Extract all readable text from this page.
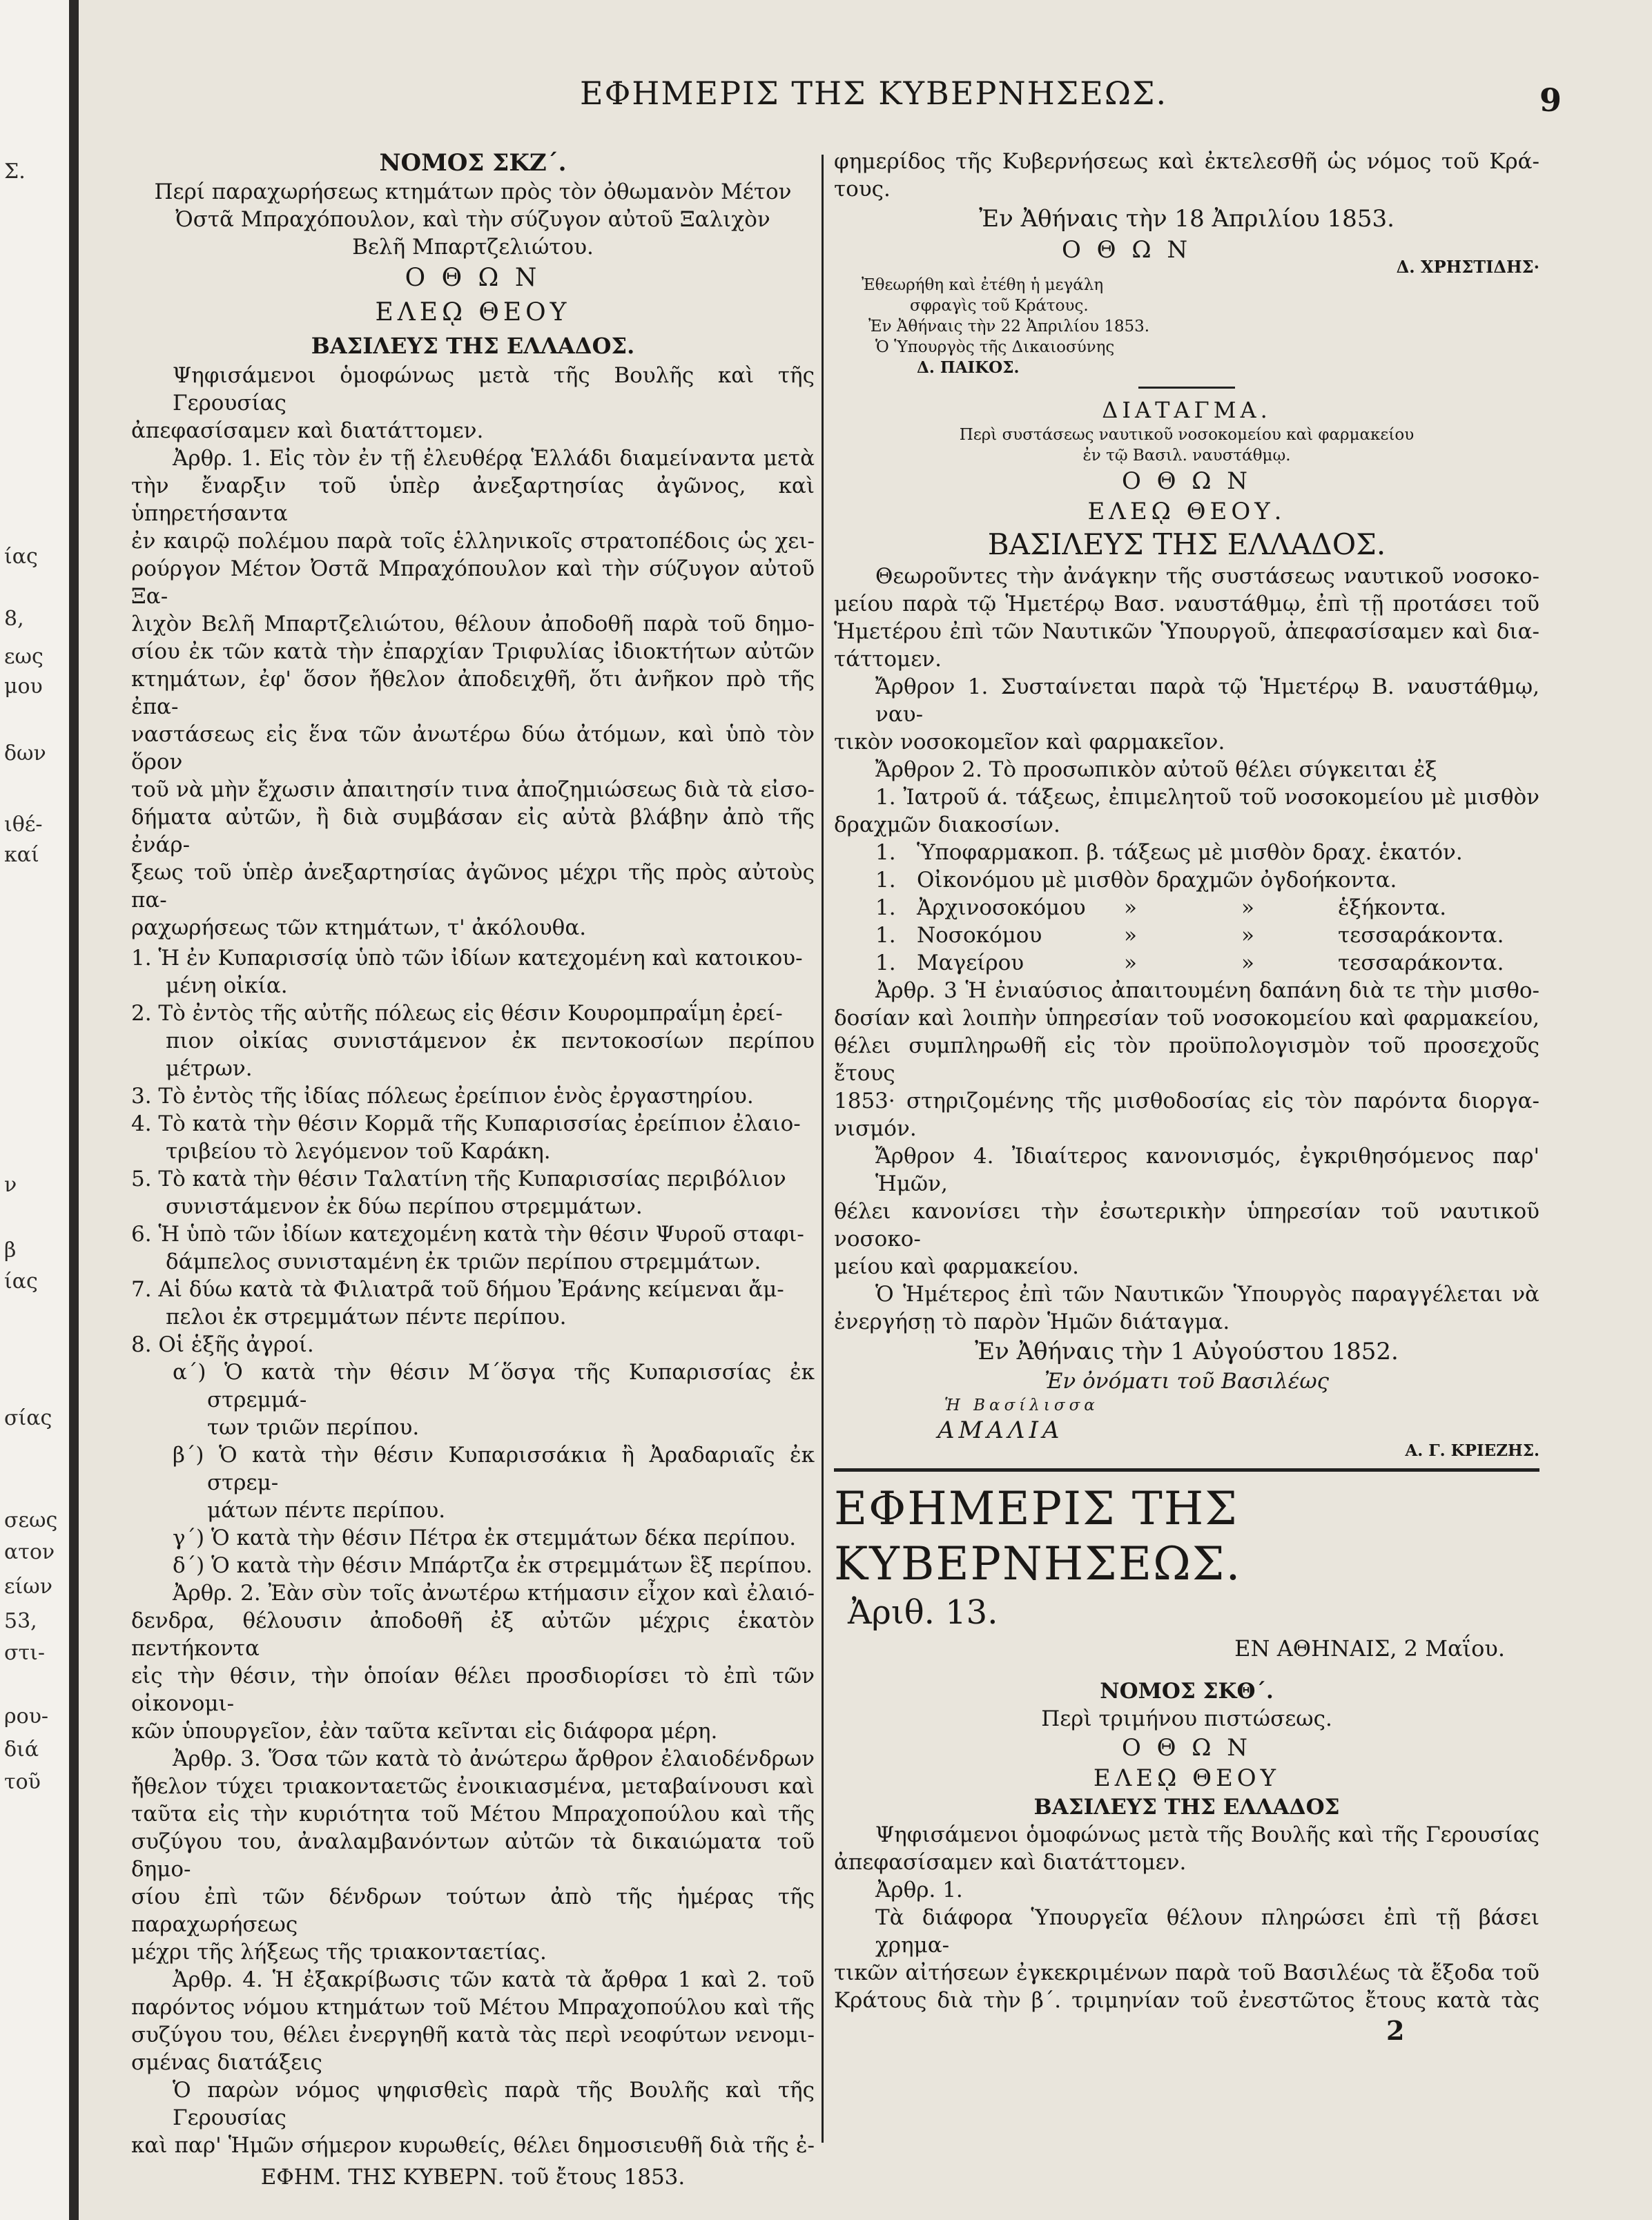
Σ.
ίας
8,
εως
μου
δων
ιθέ-
καί
ν
β
ίας
σίας
σεως
ατον
είων
53,
στι-
ρου-
διά
τοῦ
ΕΦΗΜΕΡΙΣ ΤΗΣ ΚΥΒΕΡΝΗΣΕΩΣ.	9

ΝΟΜΟΣ ΣΚΖ΄.

Περί παραχωρήσεως κτημάτων πρὸς τὸν ὀθωμανὸν Μέτον

Ὀστᾶ Μπραχόπουλον, καὶ τὴν σύζυγον αὐτοῦ Ξαλιχὸν

Βελῆ Μπαρτζελιώτου.

Ο Θ Ω Ν

ΕΛΕῼ ΘΕΟΥ

ΒΑΣΙΛΕΥΣ ΤΗΣ ΕΛΛΑΔΟΣ.

Ψηφισάμενοι ὁμοφώνως μετὰ τῆς Βουλῆς καὶ τῆς Γερουσίας

ἀπεφασίσαμεν καὶ διατάττομεν.

Ἀρθρ. 1. Εἰς τὸν ἐν τῇ ἐλευθέρᾳ Ἑλλάδι διαμείναντα μετὰ

τὴν ἔναρξιν τοῦ ὑπὲρ ἀνεξαρτησίας ἀγῶνος, καὶ ὑπηρετήσαντα

ἐν καιρῷ πολέμου παρὰ τοῖς ἑλληνικοῖς στρατοπέδοις ὡς χει-

ρούργον Μέτον Ὀστᾶ Μπραχόπουλον καὶ τὴν σύζυγον αὐτοῦ Ξα-

λιχὸν Βελῆ Μπαρτζελιώτου, θέλουν ἀποδοθῆ παρὰ τοῦ δημο-

σίου ἐκ τῶν κατὰ τὴν ἐπαρχίαν Τριφυλίας ἰδιοκτήτων αὐτῶν

κτημάτων, ἐφ' ὅσον ἤθελον ἀποδειχθῆ, ὅτι ἀνῆκον πρὸ τῆς ἐπα-

ναστάσεως εἰς ἕνα τῶν ἀνωτέρω δύω ἀτόμων, καὶ ὑπὸ τὸν ὅρον

τοῦ νὰ μὴν ἔχωσιν ἀπαιτησίν τινα ἀποζημιώσεως διὰ τὰ εἰσο-

δήματα αὐτῶν, ἢ διὰ συμβάσαν εἰς αὐτὰ βλάβην ἀπὸ τῆς ἐνάρ-

ξεως τοῦ ὑπὲρ ἀνεξαρτησίας ἀγῶνος μέχρι τῆς πρὸς αὐτοὺς πα-

ραχωρήσεως τῶν κτημάτων, τ' ἀκόλουθα.

1. Ἡ ἐν Κυπαρισσίᾳ ὑπὸ τῶν ἰδίων κατεχομένη καὶ κατοικου-
μένη οἰκία.

2. Τὸ ἐντὸς τῆς αὐτῆς πόλεως εἰς θέσιν Κουρομπραΐμη ἐρεί-
πιον οἰκίας συνιστάμενον ἐκ πεντοκοσίων περίπου μέτρων.

3. Τὸ ἐντὸς τῆς ἰδίας πόλεως ἐρείπιον ἑνὸς ἐργαστηρίου.

4. Τὸ κατὰ τὴν θέσιν Κορμᾶ τῆς Κυπαρισσίας ἐρείπιον ἐλαιο-
τριβείου τὸ λεγόμενον τοῦ Καράκη.

5. Τὸ κατὰ τὴν θέσιν Ταλατίνη τῆς Κυπαρισσίας περιβόλιον
συνιστάμενον ἐκ δύω περίπου στρεμμάτων.

6. Ἡ ὑπὸ τῶν ἰδίων κατεχομένη κατὰ τὴν θέσιν Ψυροῦ σταφι-
δάμπελος συνισταμένη ἐκ τριῶν περίπου στρεμμάτων.

7. Αἱ δύω κατὰ τὰ Φιλιατρᾶ τοῦ δήμου Ἐράνης κείμεναι ἄμ-
πελοι ἐκ στρεμμάτων πέντε περίπου.

8. Οἱ ἑξῆς ἀγροί.

α΄) Ὁ κατὰ τὴν θέσιν Μ΄ὅσγα τῆς Κυπαρισσίας ἐκ στρεμμά-
των τριῶν περίπου.

β΄) Ὁ κατὰ τὴν θέσιν Κυπαρισσάκια ἢ Ἀραδαριαῖς ἐκ στρεμ-
μάτων πέντε περίπου.

γ΄) Ὁ κατὰ τὴν θέσιν Πέτρα ἐκ στεμμάτων δέκα περίπου.

δ΄) Ὁ κατὰ τὴν θέσιν Μπάρτζα ἐκ στρεμμάτων ἓξ περίπου.

Ἀρθρ. 2. Ἐὰν σὺν τοῖς ἀνωτέρω κτήμασιν εἶχον καὶ ἐλαιό-

δενδρα, θέλουσιν ἀποδοθῆ ἐξ αὐτῶν μέχρις ἑκατὸν πεντήκοντα

εἰς τὴν θέσιν, τὴν ὁποίαν θέλει προσδιορίσει τὸ ἐπὶ τῶν οἰκονομι-

κῶν ὑπουργεῖον, ἐὰν ταῦτα κεῖνται εἰς διάφορα μέρη.

Ἀρθρ. 3. Ὅσα τῶν κατὰ τὸ ἀνώτερω ἄρθρον ἐλαιοδένδρων

ἤθελον τύχει τριακονταετῶς ἐνοικιασμένα, μεταβαίνουσι καὶ

ταῦτα εἰς τὴν κυριότητα τοῦ Μέτου Μπραχοπούλου καὶ τῆς

συζύγου του, ἀναλαμβανόντων αὐτῶν τὰ δικαιώματα τοῦ δημο-

σίου ἐπὶ τῶν δένδρων τούτων ἀπὸ τῆς ἡμέρας τῆς παραχωρήσεως

μέχρι τῆς λήξεως τῆς τριακονταετίας.

Ἀρθρ. 4. Ἡ ἐξακρίβωσις τῶν κατὰ τὰ ἄρθρα 1 καὶ 2. τοῦ

παρόντος νόμου κτημάτων τοῦ Μέτου Μπραχοπούλου καὶ τῆς

συζύγου του, θέλει ἐνεργηθῆ κατὰ τὰς περὶ νεοφύτων νενομι-

σμένας διατάξεις

Ὁ παρὼν νόμος ψηφισθεὶς παρὰ τῆς Βουλῆς καὶ τῆς Γερουσίας

καὶ παρ' Ἡμῶν σήμερον κυρωθείς, θέλει δημοσιευθῆ διὰ τῆς ἐ-

ΕΦΗΜ. ΤΗΣ ΚΥΒΕΡΝ. τοῦ ἔτους 1853.

φημερίδος τῆς Κυβερνήσεως καὶ ἐκτελεσθῆ ὡς νόμος τοῦ Κρά-

τους.

Ἐν Ἀθήναις τὴν 18 Ἀπριλίου 1853.

Ο Θ Ω Ν

Δ. ΧΡΗΣΤΙΔΗΣ·

Ἐθεωρήθη καὶ ἐτέθη ἡ μεγάλη

σφραγὶς τοῦ Κράτους.

Ἐν Ἀθήναις τὴν 22 Ἀπριλίου 1853.

Ὁ Ὑπουργὸς τῆς Δικαιοσύνης

Δ. ΠΑΙΚΟΣ.

ΔΙΑΤΑΓΜΑ.

Περὶ συστάσεως ναυτικοῦ νοσοκομείου καὶ φαρμακείου

ἐν τῷ Βασιλ. ναυστάθμῳ.

Ο Θ Ω Ν

ΕΛΕῼ ΘΕΟΥ.

ΒΑΣΙΛΕΥΣ ΤΗΣ ΕΛΛΑΔΟΣ.

Θεωροῦντες τὴν ἀνάγκην τῆς συστάσεως ναυτικοῦ νοσοκο-

μείου παρὰ τῷ Ἡμετέρῳ Βασ. ναυστάθμῳ, ἐπὶ τῇ προτάσει τοῦ

Ἡμετέρου ἐπὶ τῶν Ναυτικῶν Ὑπουργοῦ, ἀπεφασίσαμεν καὶ δια-

τάττομεν.

Ἄρθρον 1. Συσταίνεται παρὰ τῷ Ἡμετέρῳ Β. ναυστάθμῳ, ναυ-

τικὸν νοσοκομεῖον καὶ φαρμακεῖον.

Ἄρθρον 2. Τὸ προσωπικὸν αὐτοῦ θέλει σύγκειται ἐξ

1. Ἰατροῦ ά. τάξεως, ἐπιμελητοῦ τοῦ νοσοκομείου μὲ μισθὸν

δραχμῶν διακοσίων.

1. Ὑποφαρμακοπ. β. τάξεως μὲ μισθὸν δραχ. ἑκατόν.
1. Οἰκονόμου μὲ μισθὸν δραχμῶν ὀγδοήκοντα.
1. Ἀρχινοσοκόμου	»	»	ἑξήκοντα.
1. Νοσοκόμου	»	»	τεσσαράκοντα.
1. Μαγείρου	»	»	τεσσαράκοντα.

Ἀρθρ. 3 Ἡ ἐνιαύσιος ἀπαιτουμένη δαπάνη διὰ τε τὴν μισθο-

δοσίαν καὶ λοιπὴν ὑπηρεσίαν τοῦ νοσοκομείου καὶ φαρμακείου,

θέλει συμπληρωθῆ εἰς τὸν προϋπολογισμὸν τοῦ προσεχοῦς ἔτους

1853· στηριζομένης τῆς μισθοδοσίας εἰς τὸν παρόντα διοργα-

νισμόν.

Ἄρθρον 4. Ἰδιαίτερος κανονισμός, ἐγκριθησόμενος παρ' Ἡμῶν,

θέλει κανονίσει τὴν ἐσωτερικὴν ὑπηρεσίαν τοῦ ναυτικοῦ νοσοκο-

μείου καὶ φαρμακείου.

Ὁ Ἡμέτερος ἐπὶ τῶν Ναυτικῶν Ὑπουργὸς παραγγέλεται νὰ

ἐνεργήσῃ τὸ παρὸν Ἡμῶν διάταγμα.

Ἐν Ἀθήναις τὴν 1 Αὐγούστου 1852.

Ἐν ὀνόματι τοῦ Βασιλέως

Ἡ Βασίλισσα

ΑΜΑΛΙΑ

Α. Γ. ΚΡΙΕΖΗΣ.

ΕΦΗΜΕΡΙΣ ΤΗΣ ΚΥΒΕΡΝΗΣΕΩΣ.

Ἀριθ. 13.

ΕΝ ΑΘΗΝΑΙΣ, 2 Μαΐου.

ΝΟΜΟΣ ΣΚΘ΄.

Περὶ τριμήνου πιστώσεως.

Ο Θ Ω Ν

ΕΛΕῼ ΘΕΟΥ

ΒΑΣΙΛΕΥΣ ΤΗΣ ΕΛΛΑΔΟΣ

Ψηφισάμενοι ὁμοφώνως μετὰ τῆς Βουλῆς καὶ τῆς Γερουσίας

ἀπεφασίσαμεν καὶ διατάττομεν.

Ἀρθρ. 1.

Τὰ διάφορα Ὑπουργεῖα θέλουν πληρώσει ἐπὶ τῇ βάσει χρημα-

τικῶν αἰτήσεων ἐγκεκριμένων παρὰ τοῦ Βασιλέως τὰ ἔξοδα τοῦ

Κράτους διὰ τὴν β΄. τριμηνίαν τοῦ ἐνεστῶτος ἔτους κατὰ τὰς

2
